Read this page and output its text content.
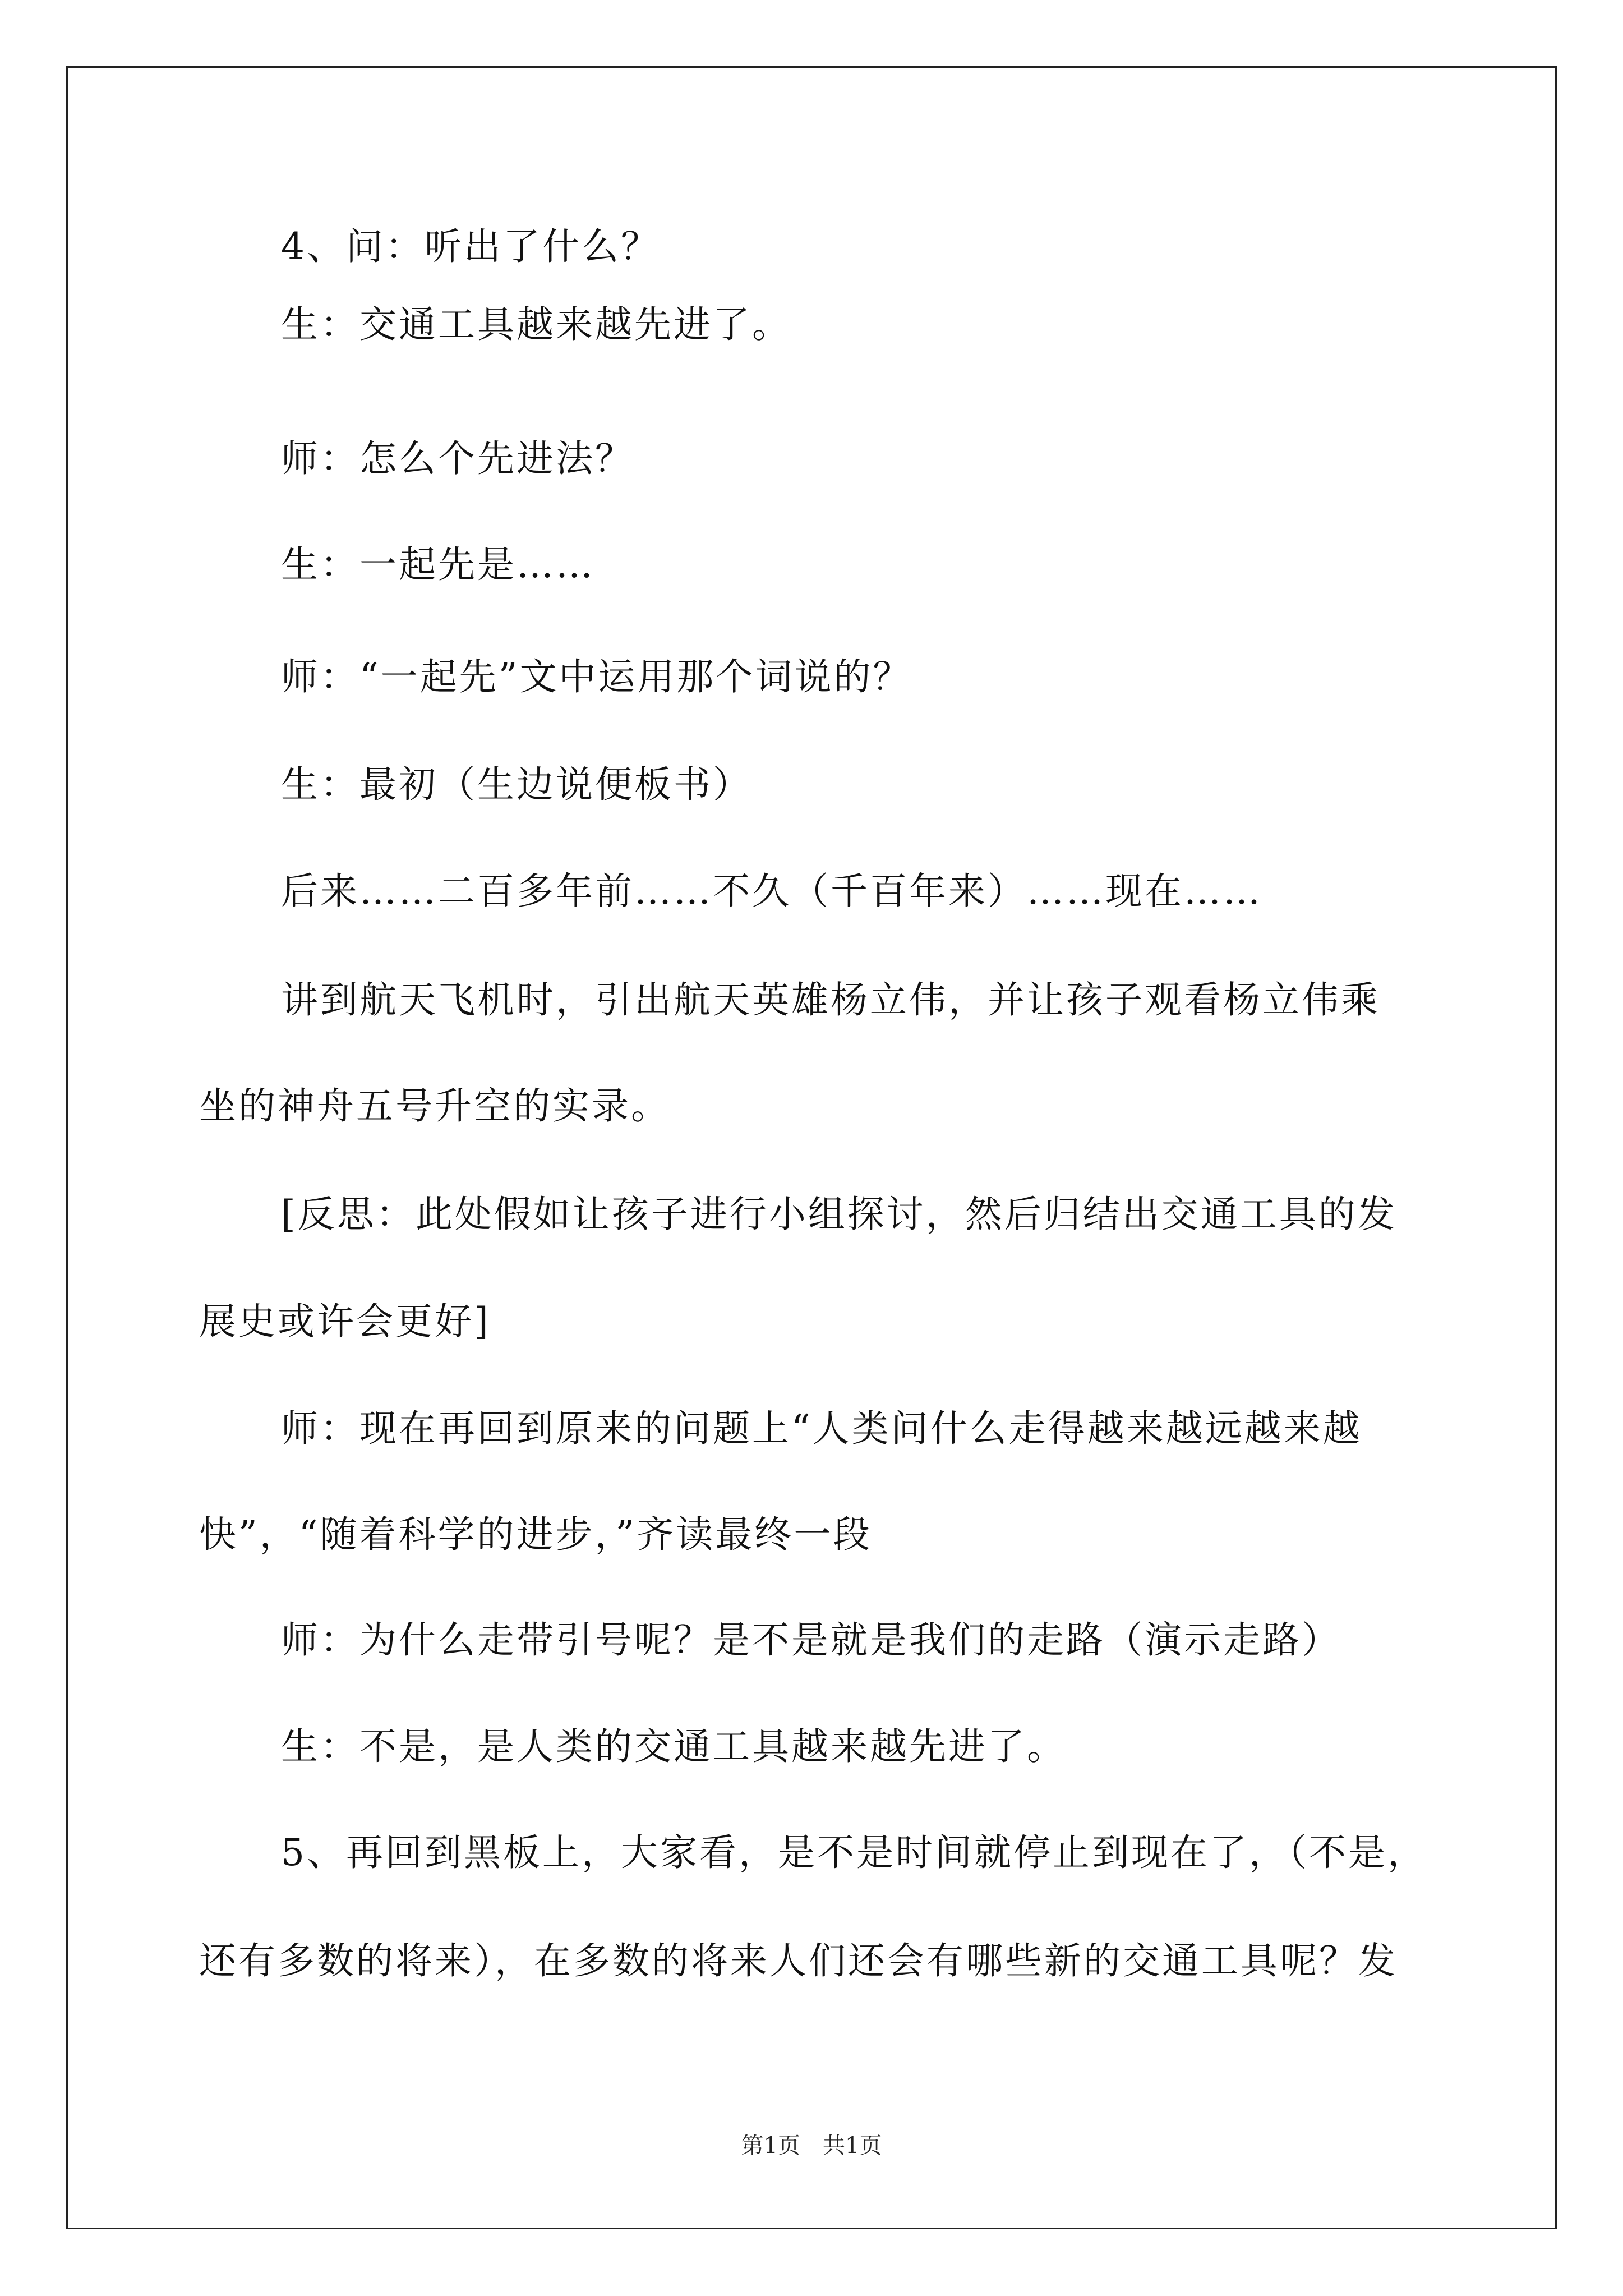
4、问：听出了什么？
生：交通工具越来越先进了。
师：怎么个先进法？
生：一起先是……
师：“一起先”文中运用那个词说的？
生：最初（生边说便板书）
后来……二百多年前……不久（千百年来）……现在……
讲到航天飞机时，引出航天英雄杨立伟，并让孩子观看杨立伟乘
坐的神舟五号升空的实录。
[反思：此处假如让孩子进行小组探讨，然后归结出交通工具的发
展史或许会更好]
师：现在再回到原来的问题上“人类问什么走得越来越远越来越
快”，“随着科学的进步，”齐读最终一段
师：为什么走带引号呢？是不是就是我们的走路（演示走路）
生：不是，是人类的交通工具越来越先进了。
5、再回到黑板上，大家看，是不是时间就停止到现在了，（不是，
还有多数的将来），在多数的将来人们还会有哪些新的交通工具呢？发
第1页　共1页
